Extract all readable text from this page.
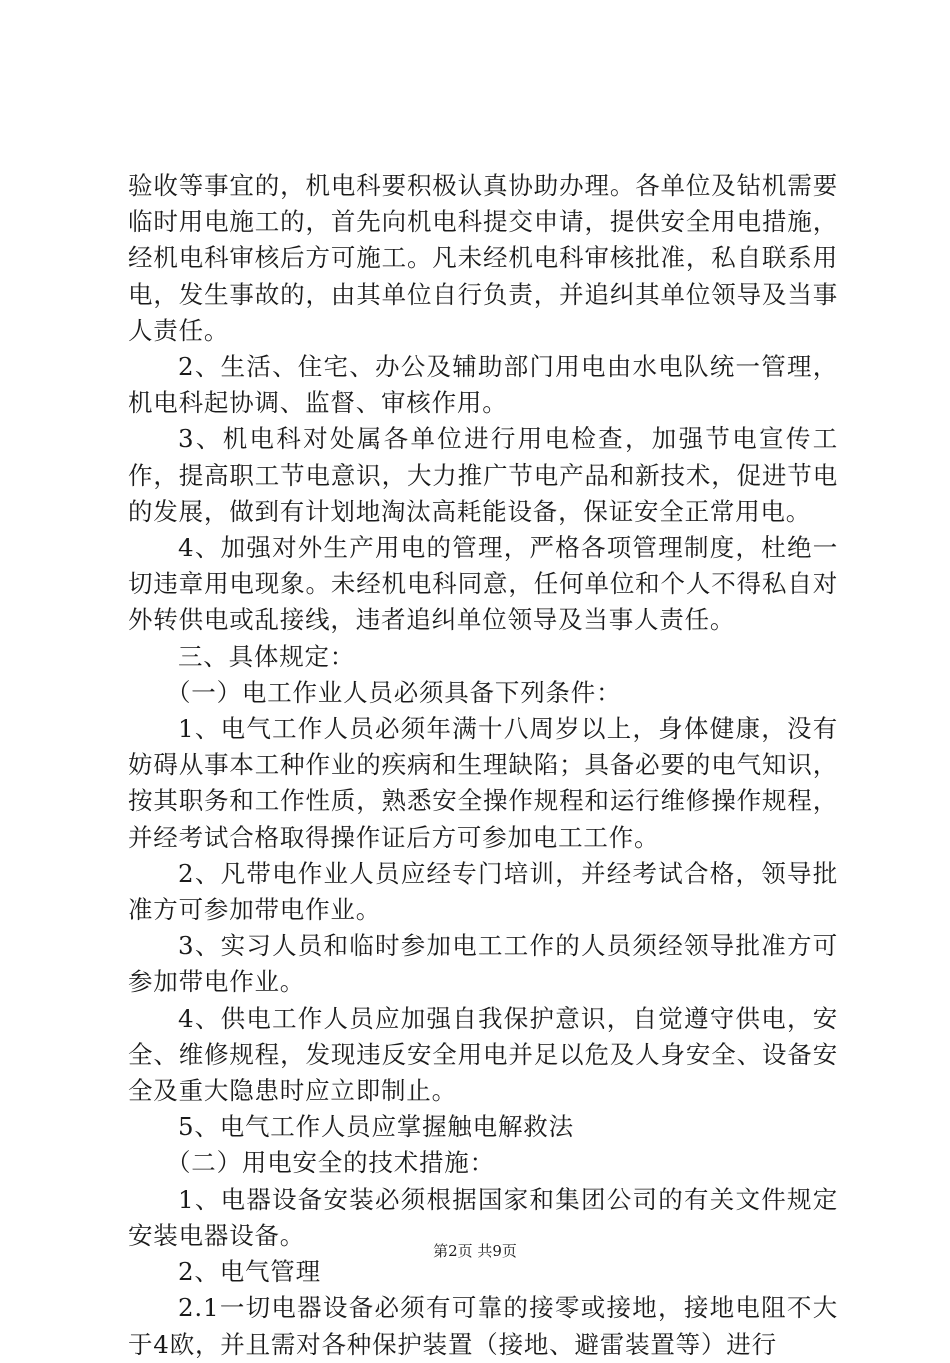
验收等事宜的，机电科要积极认真协助办理。各单位及钻机需要临时用电施工的，首先向机电科提交申请，提供安全用电措施，经机电科审核后方可施工。凡未经机电科审核批准，私自联系用电，发生事故的，由其单位自行负责，并追纠其单位领导及当事人责任。

2、生活、住宅、办公及辅助部门用电由水电队统一管理，机电科起协调、监督、审核作用。

3、机电科对处属各单位进行用电检查，加强节电宣传工作，提高职工节电意识，大力推广节电产品和新技术，促进节电的发展，做到有计划地淘汰高耗能设备，保证安全正常用电。

4、加强对外生产用电的管理，严格各项管理制度，杜绝一切违章用电现象。未经机电科同意，任何单位和个人不得私自对外转供电或乱接线，违者追纠单位领导及当事人责任。

三、具体规定：

（一）电工作业人员必须具备下列条件：

1、电气工作人员必须年满十八周岁以上，身体健康，没有妨碍从事本工种作业的疾病和生理缺陷；具备必要的电气知识，按其职务和工作性质，熟悉安全操作规程和运行维修操作规程，并经考试合格取得操作证后方可参加电工工作。

2、凡带电作业人员应经专门培训，并经考试合格，领导批准方可参加带电作业。

3、实习人员和临时参加电工工作的人员须经领导批准方可参加带电作业。

4、供电工作人员应加强自我保护意识，自觉遵守供电，安全、维修规程，发现违反安全用电并足以危及人身安全、设备安全及重大隐患时应立即制止。

5、电气工作人员应掌握触电解救法

（二）用电安全的技术措施：

1、电器设备安装必须根据国家和集团公司的有关文件规定安装电器设备。

2、电气管理

2.1一切电器设备必须有可靠的接零或接地，接地电阻不大于4欧，并且需对各种保护装置（接地、避雷装置等）进行

第2页 共9页
